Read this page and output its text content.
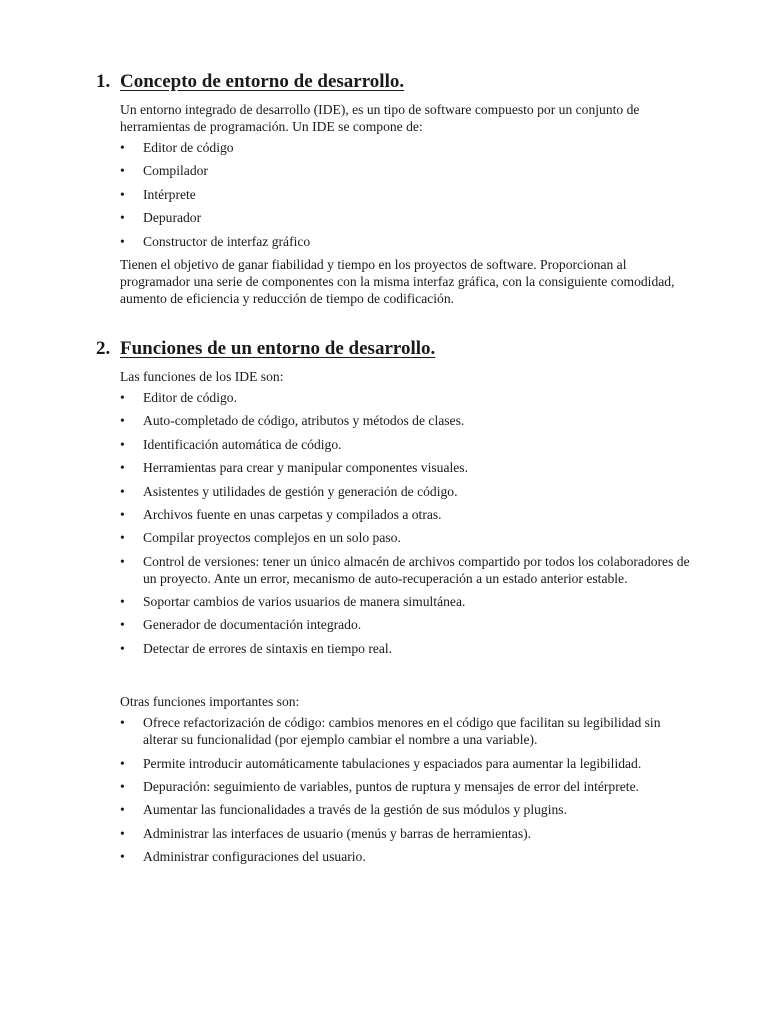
1. Concepto de entorno de desarrollo.

Un entorno integrado de desarrollo (IDE), es un tipo de software compuesto por un conjunto de herramientas de programación. Un IDE se compone de:

• Editor de código
• Compilador
• Intérprete
• Depurador
• Constructor de interfaz gráfico

Tienen el objetivo de ganar fiabilidad y tiempo en los proyectos de software. Proporcionan al programador una serie de componentes con la misma interfaz gráfica, con la consiguiente comodidad, aumento de eficiencia y reducción de tiempo de codificación.

2. Funciones de un entorno de desarrollo.

Las funciones de los IDE son:

• Editor de código.
• Auto-completado de código, atributos y métodos de clases.
• Identificación automática de código.
• Herramientas para crear y manipular componentes visuales.
• Asistentes y utilidades de gestión y generación de código.
• Archivos fuente en unas carpetas y compilados a otras.
• Compilar proyectos complejos en un solo paso.
• Control de versiones: tener un único almacén de archivos compartido por todos los colaboradores de un proyecto. Ante un error, mecanismo de auto-recuperación a un estado anterior estable.
• Soportar cambios de varios usuarios de manera simultánea.
• Generador de documentación integrado.
• Detectar de errores de sintaxis en tiempo real.

Otras funciones importantes son:

• Ofrece refactorización de código: cambios menores en el código que facilitan su legibilidad sin alterar su funcionalidad (por ejemplo cambiar el nombre a una variable).
• Permite introducir automáticamente tabulaciones y espaciados para aumentar la legibilidad.
• Depuración: seguimiento de variables, puntos de ruptura y mensajes de error del intérprete.
• Aumentar las funcionalidades a través de la gestión de sus módulos y plugins.
• Administrar las interfaces de usuario (menús y barras de herramientas).
• Administrar configuraciones del usuario.
